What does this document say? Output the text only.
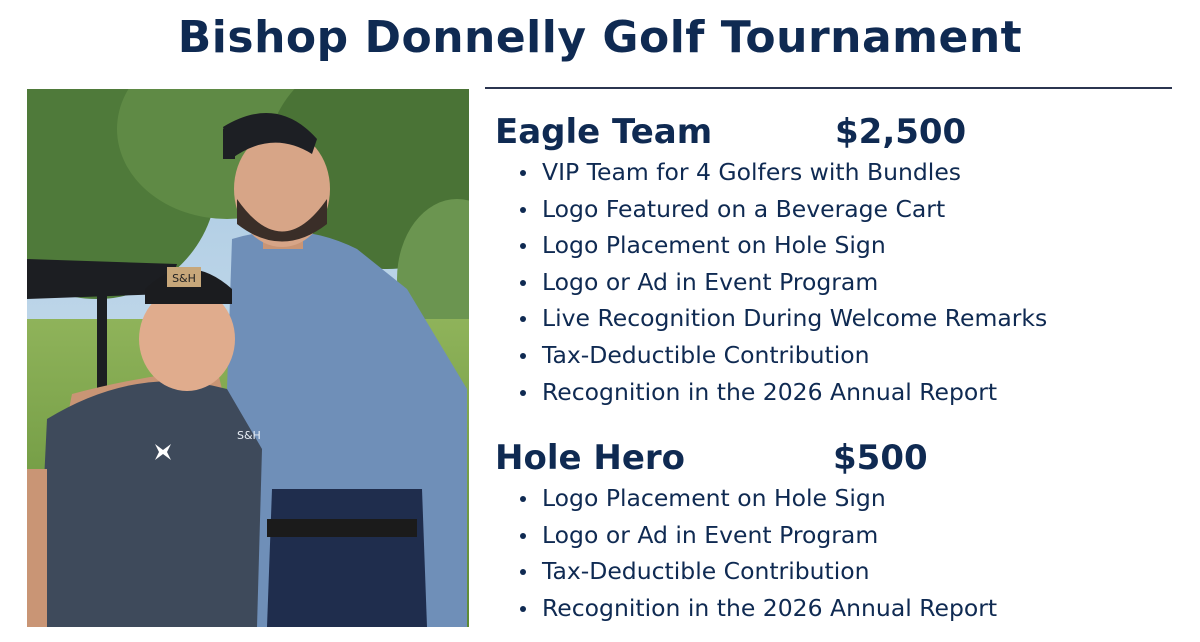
Bishop Donnelly Golf Tournament
S&H
S&H
Eagle Team	$2,500
VIP Team for 4 Golfers with Bundles
Logo Featured on a Beverage Cart
Logo Placement on Hole Sign
Logo or Ad in Event Program
Live Recognition During Welcome Remarks
Tax-Deductible Contribution
Recognition in the 2026 Annual Report
Hole Hero	$500
Logo Placement on Hole Sign
Logo or Ad in Event Program
Tax-Deductible Contribution
Recognition in the 2026 Annual Report
